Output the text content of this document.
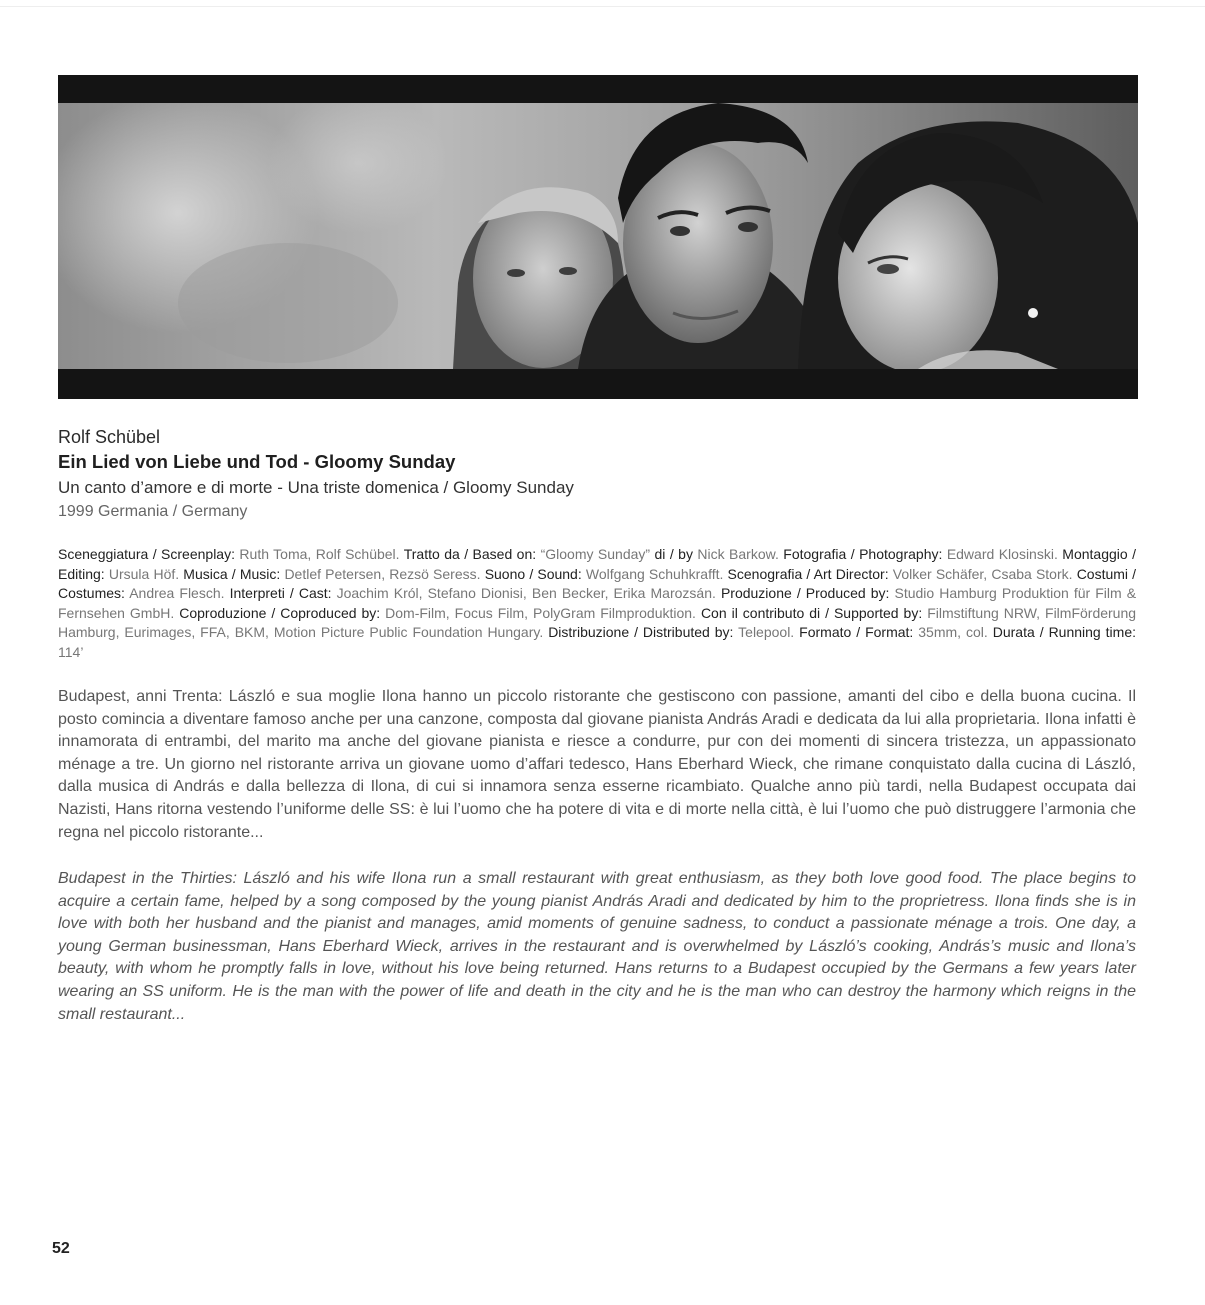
Rolf Schübel
Ein Lied von Liebe und Tod - Gloomy Sunday
Un canto d’amore e di morte - Una triste domenica / Gloomy Sunday
1999 Germania / Germany
Sceneggiatura / Screenplay: Ruth Toma, Rolf Schübel. Tratto da / Based on: “Gloomy Sunday” di / by Nick Barkow. Fotografia / Photography: Edward Klosinski. Montaggio / Editing: Ursula Höf. Musica / Music: Detlef Petersen, Rezsö Seress. Suono / Sound: Wolfgang Schuhkrafft. Scenografia / Art Director: Volker Schäfer, Csaba Stork. Costumi / Costumes: Andrea Flesch. Interpreti / Cast: Joachim Król, Stefano Dionisi, Ben Becker, Erika Marozsán. Produzione / Produced by: Studio Hamburg Produktion für Film & Fernsehen GmbH. Coproduzione / Coproduced by: Dom-Film, Focus Film, PolyGram Filmproduktion. Con il contributo di / Supported by: Filmstiftung NRW, FilmFörderung Hamburg, Eurimages, FFA, BKM, Motion Picture Public Foundation Hungary. Distribuzione / Distributed by: Telepool. Formato / Format: 35mm, col. Durata / Running time: 114’

Budapest, anni Trenta: László e sua moglie Ilona hanno un piccolo ristorante che gestiscono con passione, amanti del cibo e della buona cucina. Il posto comincia a diventare famoso anche per una canzone, composta dal giovane pianista András Aradi e dedicata da lui alla proprietaria. Ilona infatti è innamorata di entrambi, del marito ma anche del giovane pianista e riesce a condurre, pur con dei momenti di sincera tristezza, un appassionato ménage a tre. Un giorno nel ristorante arriva un giovane uomo d’affari tedesco, Hans Eberhard Wieck, che rimane conquistato dalla cucina di László, dalla musica di András e dalla bellezza di Ilona, di cui si innamora senza esserne ricambiato. Qualche anno più tardi, nella Budapest occupata dai Nazisti, Hans ritorna vestendo l’uniforme delle SS: è lui l’uomo che ha potere di vita e di morte nella città, è lui l’uomo che può distruggere l’armonia che regna nel piccolo ristorante...

Budapest in the Thirties: László and his wife Ilona run a small restaurant with great enthusiasm, as they both love good food. The place begins to acquire a certain fame, helped by a song composed by the young pianist András Aradi and dedicated by him to the proprietress. Ilona finds she is in love with both her husband and the pianist and manages, amid moments of genuine sadness, to conduct a passionate ménage a trois. One day, a young German businessman, Hans Eberhard Wieck, arrives in the restaurant and is overwhelmed by László’s cooking, András’s music and Ilona’s beauty, with whom he promptly falls in love, without his love being returned. Hans returns to a Budapest occupied by the Germans a few years later wearing an SS uniform. He is the man with the power of life and death in the city and he is the man who can destroy the harmony which reigns in the small restaurant...

52
